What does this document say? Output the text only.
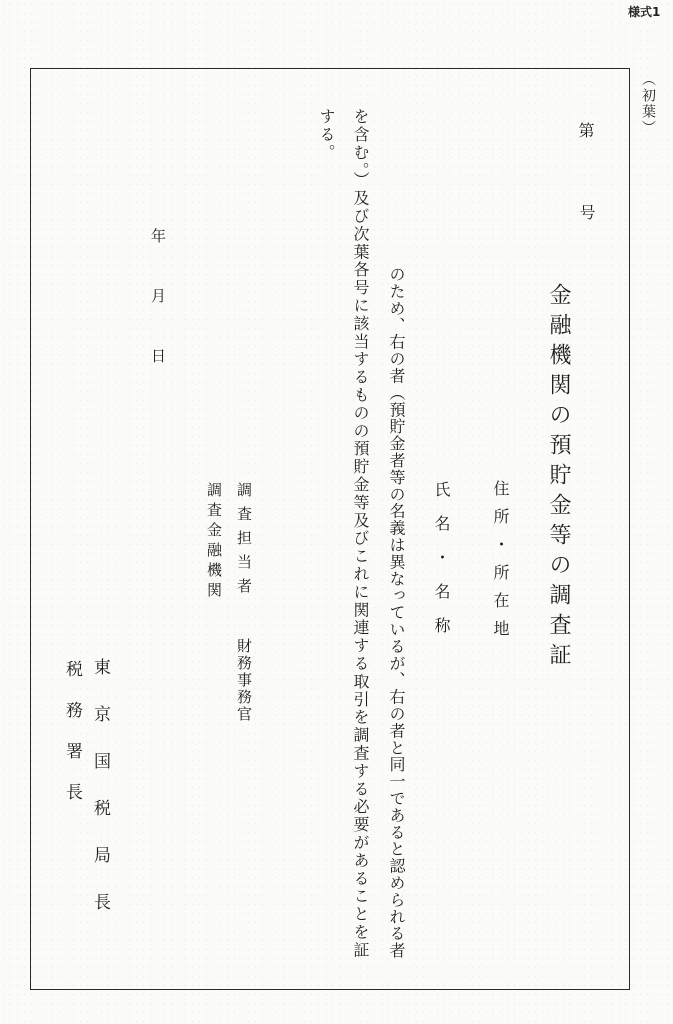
様式1
（初葉）
第
号
金融機関の預貯金等の調査証
住所・所在地
氏名・名称
のため、右の者（預貯金者等の名義は異なっているが、右の者と同一であると認められる者
を含む。）及び次葉各号に該当するものの預貯金等及びこれに関連する取引を調査する必要があることを証
する。
調査担当者
財務事務官
調査金融機関
年
月
日
東京国税局長
税務署長
